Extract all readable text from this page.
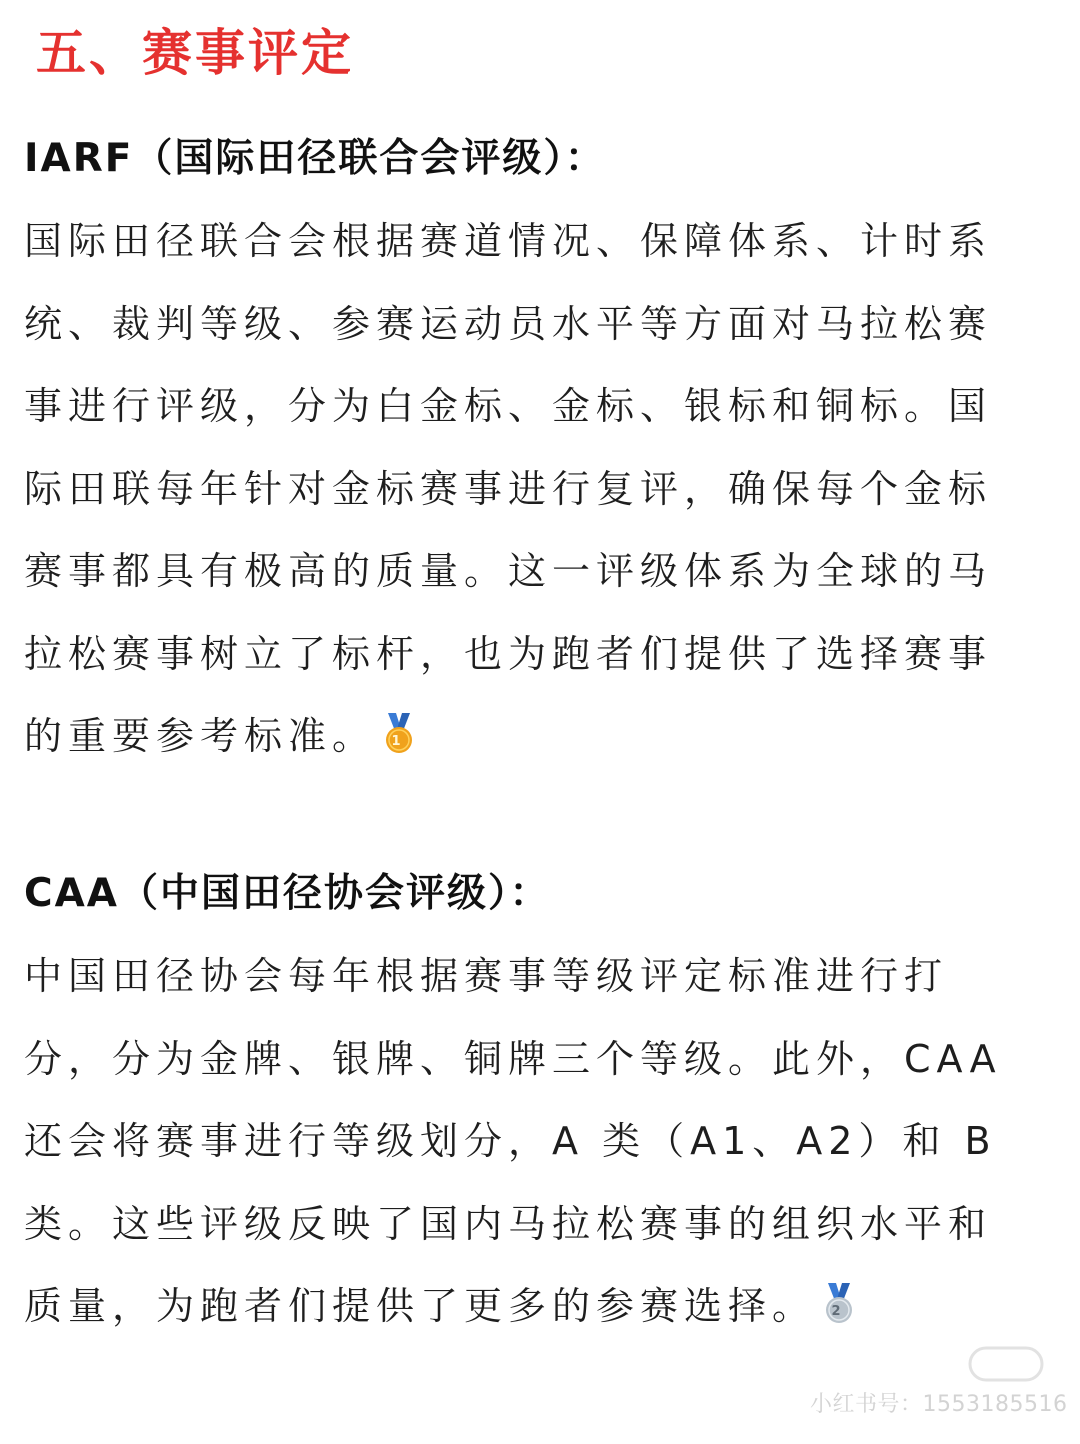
五、赛事评定
IARF（国际田径联合会评级）：

国际田径联合会根据赛道情况、保障体系、计时系
统、裁判等级、参赛运动员水平等方面对马拉松赛
事进行评级，分为白金标、金标、银标和铜标。国
际田联每年针对金标赛事进行复评，确保每个金标
赛事都具有极高的质量。这一评级体系为全球的马
拉松赛事树立了标杆，也为跑者们提供了选择赛事
的重要参考标准。 1

CAA（中国田径协会评级）：

中国田径协会每年根据赛事等级评定标准进行打
分，分为金牌、银牌、铜牌三个等级。此外，CAA
还会将赛事进行等级划分，A 类（A1、A2）和 B
类。这些评级反映了国内马拉松赛事的组织水平和
质量，为跑者们提供了更多的参赛选择。 2

小红书号：1553185516
